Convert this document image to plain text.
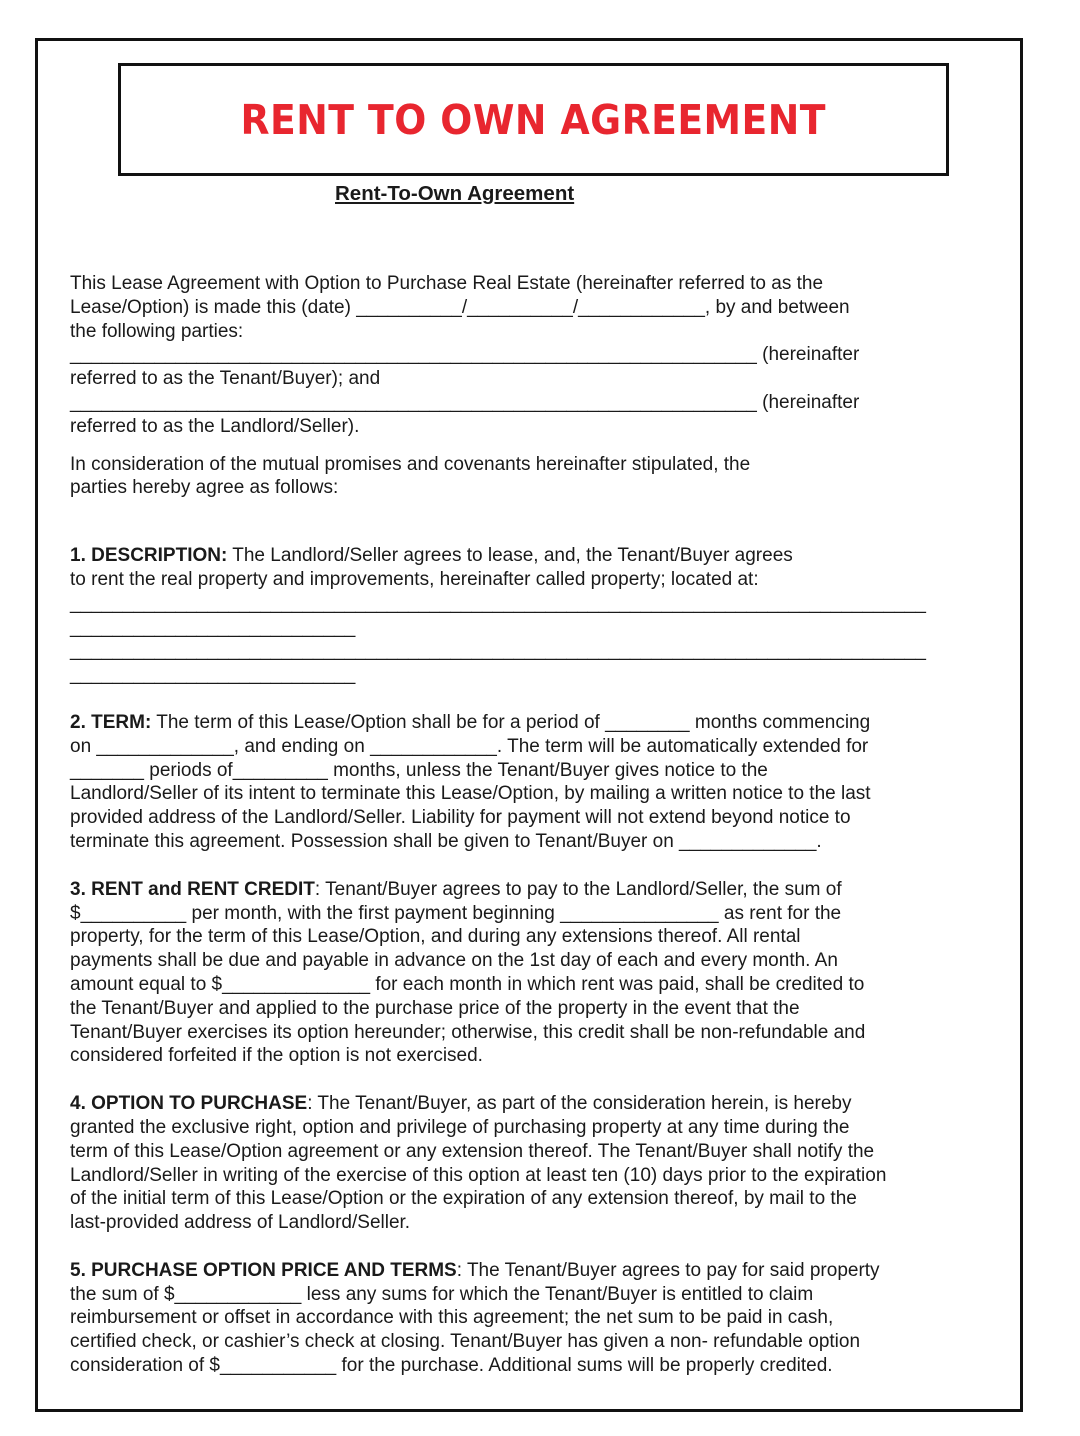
RENT TO OWN AGREEMENT
Rent-To-Own Agreement
This Lease Agreement with Option to Purchase Real Estate (hereinafter referred to as the
Lease/Option) is made this (date) __________/__________/____________, by and between
the following parties:
_________________________________________________________________ (hereinafter
referred to as the Tenant/Buyer); and
_________________________________________________________________ (hereinafter
referred to as the Landlord/Seller).
In consideration of the mutual promises and covenants hereinafter stipulated, the
parties hereby agree as follows:
1. DESCRIPTION: The Landlord/Seller agrees to lease, and, the Tenant/Buyer agrees
to rent the real property and improvements, hereinafter called property; located at:
_________________________________________________________________________________
___________________________
_________________________________________________________________________________
___________________________
2. TERM: The term of this Lease/Option shall be for a period of ________ months commencing
on _____________, and ending on ____________. The term will be automatically extended for
_______ periods of_________ months, unless the Tenant/Buyer gives notice to the
Landlord/Seller of its intent to terminate this Lease/Option, by mailing a written notice to the last
provided address of the Landlord/Seller. Liability for payment will not extend beyond notice to
terminate this agreement. Possession shall be given to Tenant/Buyer on _____________.
3. RENT and RENT CREDIT: Tenant/Buyer agrees to pay to the Landlord/Seller, the sum of
$__________ per month, with the first payment beginning _______________ as rent for the
property, for the term of this Lease/Option, and during any extensions thereof. All rental
payments shall be due and payable in advance on the 1st day of each and every month. An
amount equal to $______________ for each month in which rent was paid, shall be credited to
the Tenant/Buyer and applied to the purchase price of the property in the event that the
Tenant/Buyer exercises its option hereunder; otherwise, this credit shall be non-refundable and
considered forfeited if the option is not exercised.
4. OPTION TO PURCHASE: The Tenant/Buyer, as part of the consideration herein, is hereby
granted the exclusive right, option and privilege of purchasing property at any time during the
term of this Lease/Option agreement or any extension thereof. The Tenant/Buyer shall notify the
Landlord/Seller in writing of the exercise of this option at least ten (10) days prior to the expiration
of the initial term of this Lease/Option or the expiration of any extension thereof, by mail to the
last-provided address of Landlord/Seller.
5. PURCHASE OPTION PRICE AND TERMS: The Tenant/Buyer agrees to pay for said property
the sum of $____________ less any sums for which the Tenant/Buyer is entitled to claim
reimbursement or offset in accordance with this agreement; the net sum to be paid in cash,
certified check, or cashier’s check at closing. Tenant/Buyer has given a non- refundable option
consideration of $___________ for the purchase. Additional sums will be properly credited.
